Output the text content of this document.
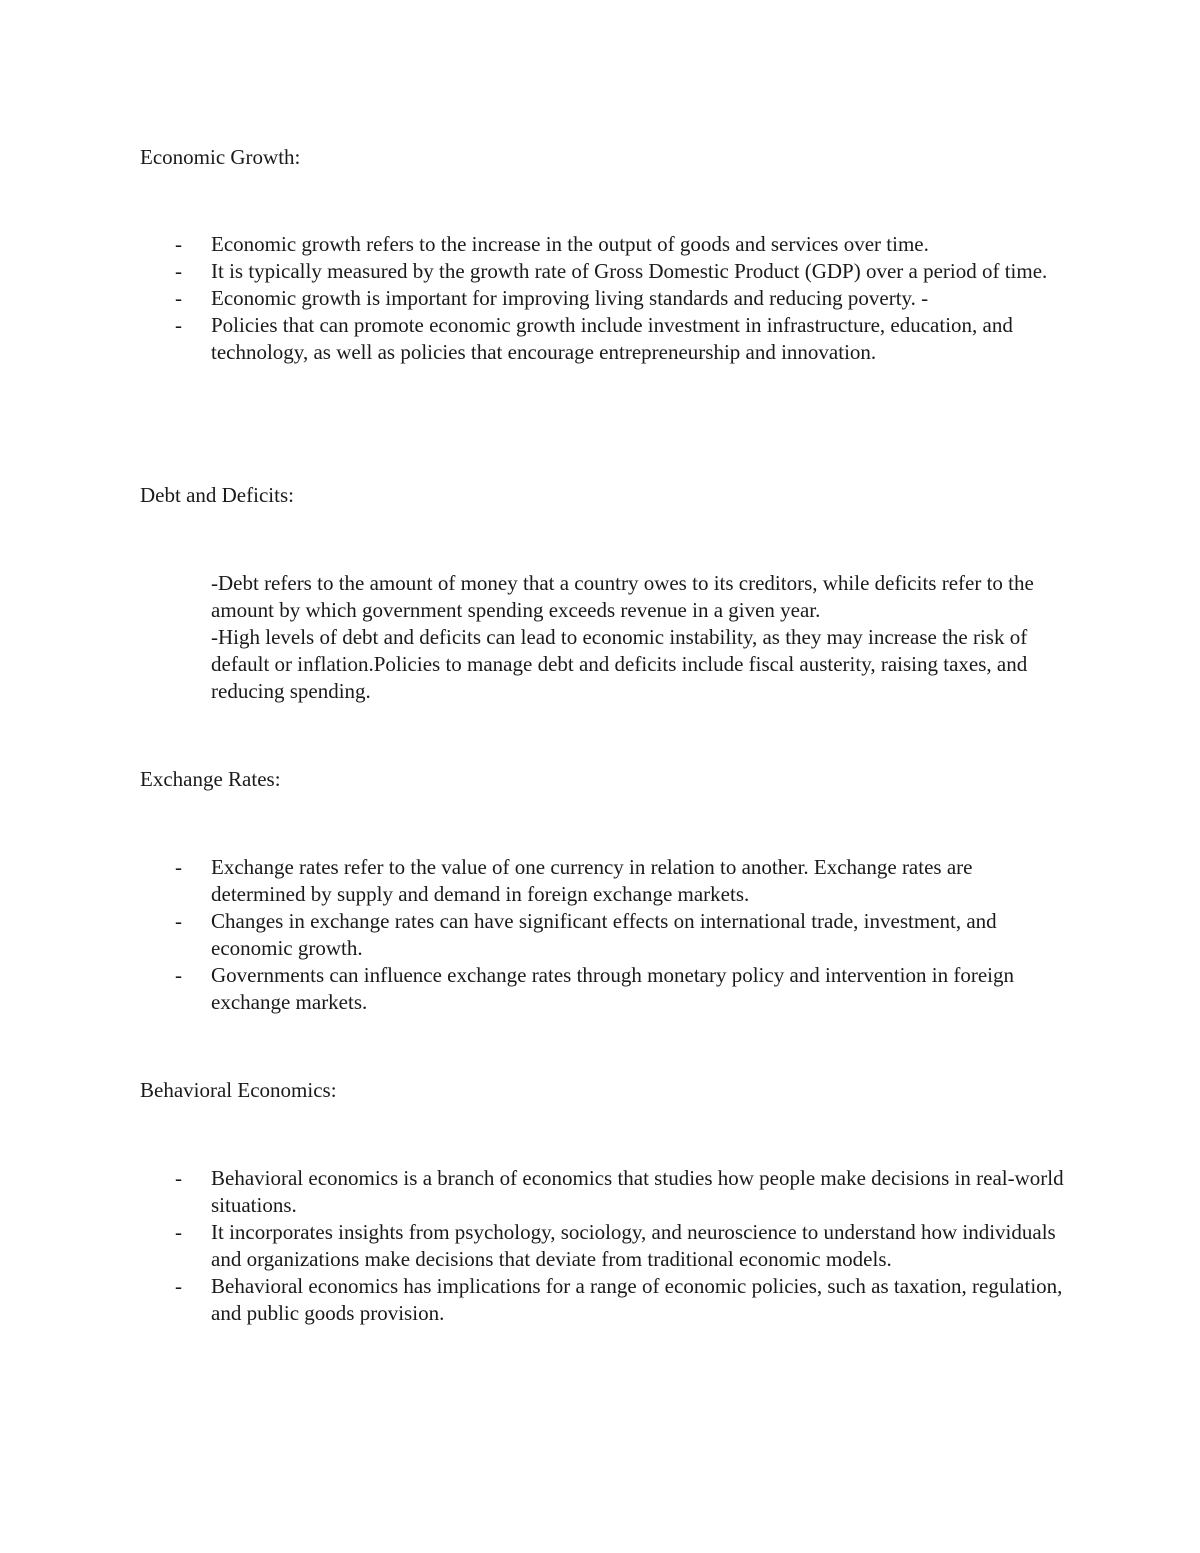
Economic Growth:
- Economic growth refers to the increase in the output of goods and services over time.
- It is typically measured by the growth rate of Gross Domestic Product (GDP) over a period of time.
- Economic growth is important for improving living standards and reducing poverty. -
- Policies that can promote economic growth include investment in infrastructure, education, and technology, as well as policies that encourage entrepreneurship and innovation.
Debt and Deficits:

-Debt refers to the amount of money that a country owes to its creditors, while deficits refer to the amount by which government spending exceeds revenue in a given year.

-High levels of debt and deficits can lead to economic instability, as they may increase the risk of default or inflation.Policies to manage debt and deficits include fiscal austerity, raising taxes, and reducing spending.

Exchange Rates:
- Exchange rates refer to the value of one currency in relation to another. Exchange rates are determined by supply and demand in foreign exchange markets.
- Changes in exchange rates can have significant effects on international trade, investment, and economic growth.
- Governments can influence exchange rates through monetary policy and intervention in foreign exchange markets.
Behavioral Economics:
- Behavioral economics is a branch of economics that studies how people make decisions in real-world situations.
- It incorporates insights from psychology, sociology, and neuroscience to understand how individuals and organizations make decisions that deviate from traditional economic models.
- Behavioral economics has implications for a range of economic policies, such as taxation, regulation, and public goods provision.
